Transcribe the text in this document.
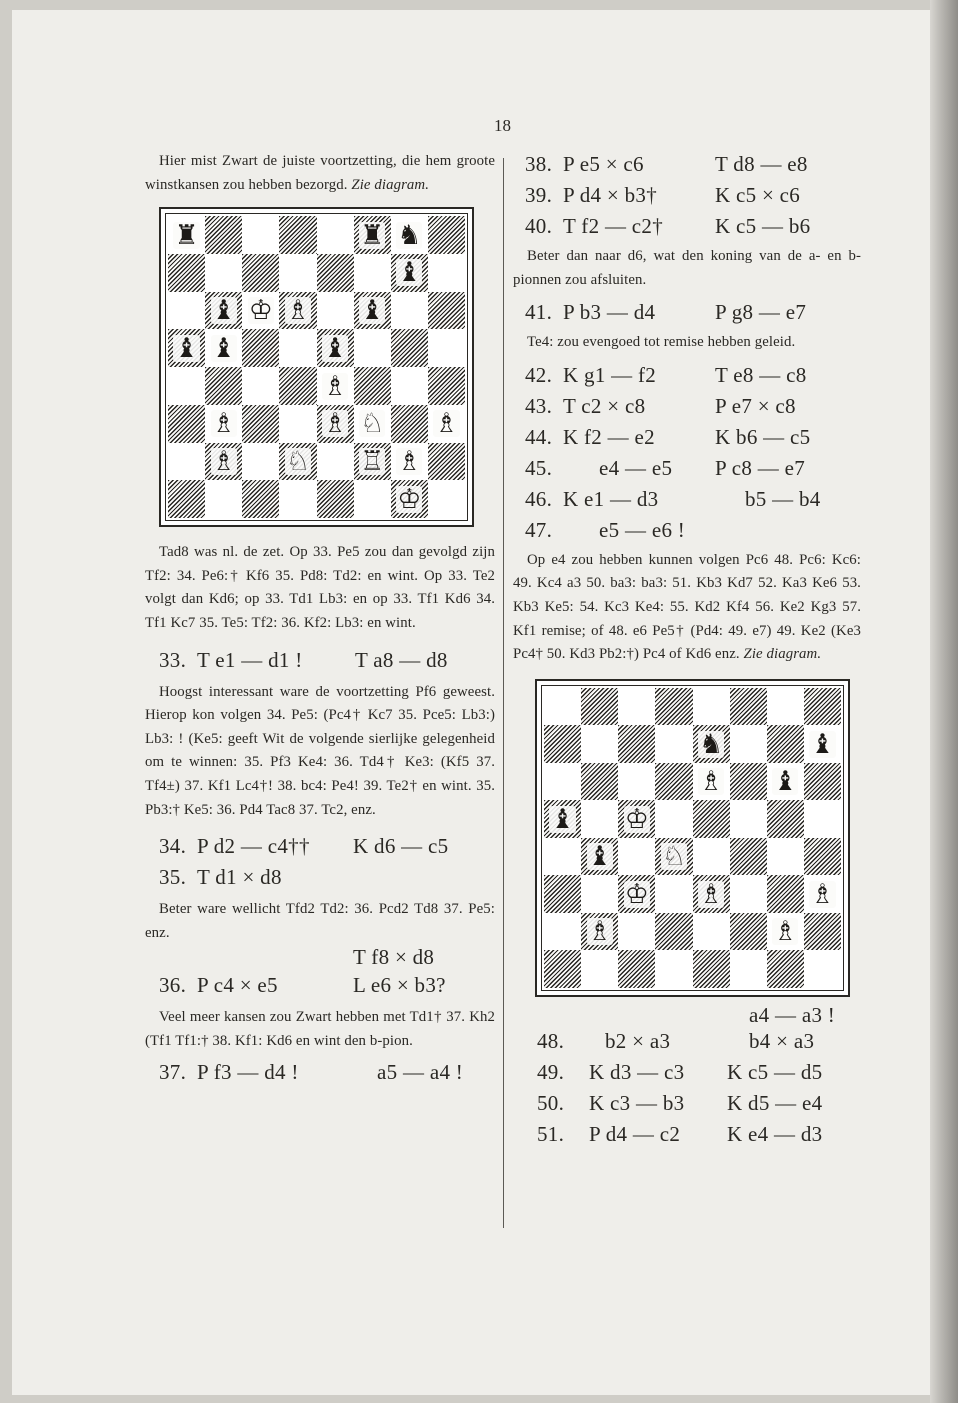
18

Hier mist Zwart de juiste voortzetting, die hem groote winstkansen zou hebben bezorgd. Zie diagram.

♜	♜ ♞
♝
♝ ♔ ♗ ♝
♝ ♝	♝
♗
♗	♗ ♘ ♗
♗ ♘ ♖ ♗
♔

Tad8 was nl. de zet. Op 33. Pe5 zou dan gevolgd zijn Tf2: 34. Pe6:† Kf6 35. Pd8: Td2: en wint. Op 33. Te2 volgt dan Kd6; op 33. Td1 Lb3: en op 33. Tf1 Kd6 34. Tf1 Kc7 35. Te5: Tf2: 36. Kf2: Lb3: en wint.

33. T e1 — d1 ! T a8 — d8

Hoogst interessant ware de voortzetting Pf6 geweest. Hierop kon volgen 34. Pe5: (Pc4† Kc7 35. Pce5: Lb3:) Lb3: ! (Ke5: geeft Wit de volgende sierlijke gelegenheid om te winnen: 35. Pf3 Ke4: 36. Td4† Ke3: (Kf5 37. Tf4±) 37. Kf1 Lc4†! 38. bc4: Pe4! 39. Te2† en wint. 35. Pb3:† Ke5: 36. Pd4 Tac8 37. Tc2, enz.

34. P d2 — c4†† K d6 — c5
35. T d1 × d8

Beter ware wellicht Tfd2 Td2: 36. Pcd2 Td8 37. Pe5: enz.

T f8 × d8
36. P c4 × e5	L e6 × b3?

Veel meer kansen zou Zwart hebben met Td1† 37. Kh2 (Tf1 Tf1:† 38. Kf1: Kd6 en wint den b-pion.

37. P f3 — d4 !	a5 — a4 !
38. P e5 × c6	T d8 — e8
39. P d4 × b3†	K c5 × c6
40. T f2 — c2† K c5 — b6

Beter dan naar d6, wat den koning van de a- en b-pionnen zou afsluiten.

41. P b3 — d4	P g8 — e7

Te4: zou evengoed tot remise hebben geleid.

42. K g1 — f2	T e8 — c8
43. T c2 × c8	P e7 × c8
44. K f2 — e2	K b6 — c5
45. e4 — e5 P c8 — e7
46. K e1 — d3	b5 — b4
47. e5 — e6 !

Op e4 zou hebben kunnen volgen Pc6 48. Pc6: Kc6: 49. Kc4 a3 50. ba3: ba3: 51. Kb3 Kd7 52. Ka3 Ke6 53. Kb3 Ke5: 54. Kc3 Ke4: 55. Kd2 Kf4 56. Ke2 Kg3 57. Kf1 remise; of 48. e6 Pe5† (Pd4: 49. e7) 49. Ke2 (Ke3 Pc4† 50. Kd3 Pb2:†) Pc4 of Kd6 enz. Zie diagram.

♞	♝
♗ ♝
♝ ♔
♝ ♘
♔ ♗	♗
♗	♗
a4 — a3 !
48. b2 × a3	b4 × a3
49. K d3 — c3 K c5 — d5
50. K c3 — b3 K d5 — e4
51. P d4 — c2 K e4 — d3
